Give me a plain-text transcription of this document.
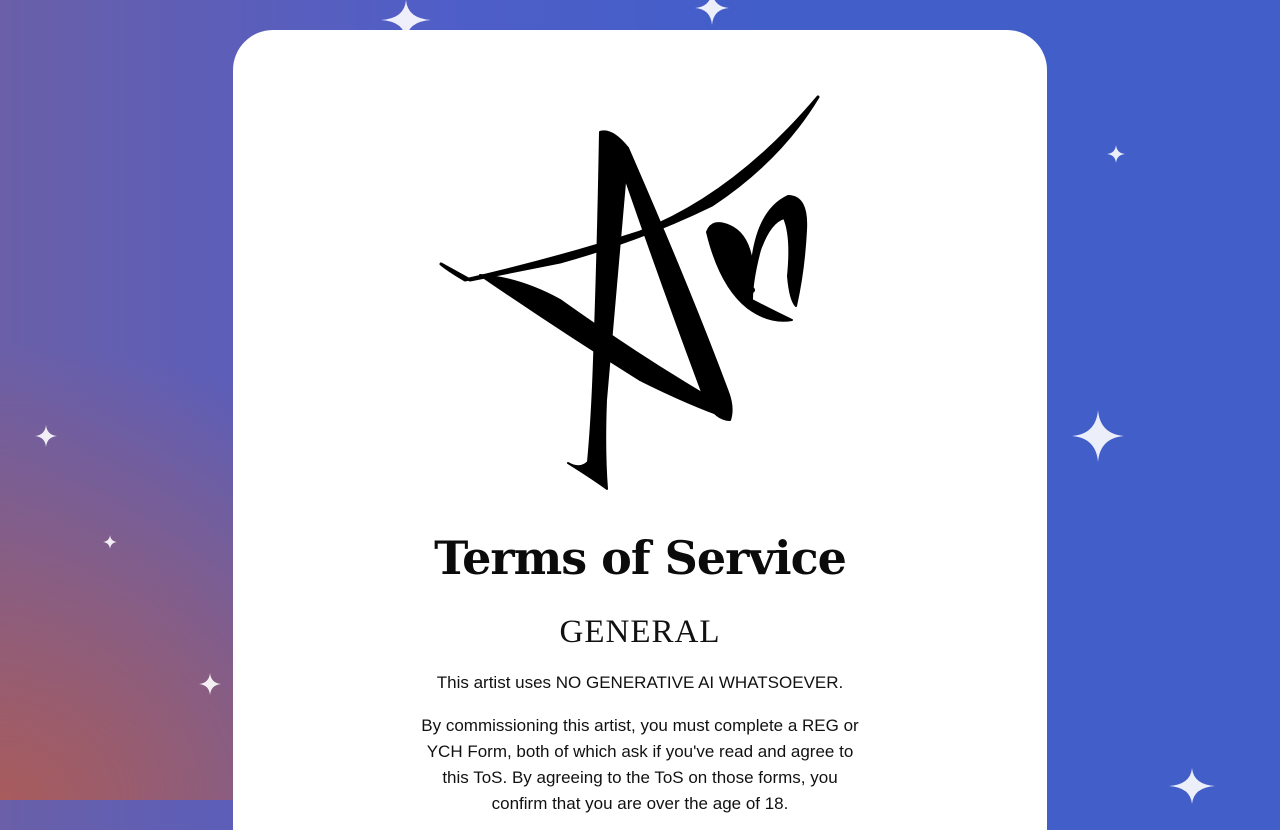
Terms of Service
GENERAL

This artist uses NO GENERATIVE AI WHATSOEVER.

By commissioning this artist, you must complete a REG or YCH Form, both of which ask if you've read and agree to this ToS. By agreeing to the ToS on those forms, you confirm that you are over the age of 18.
